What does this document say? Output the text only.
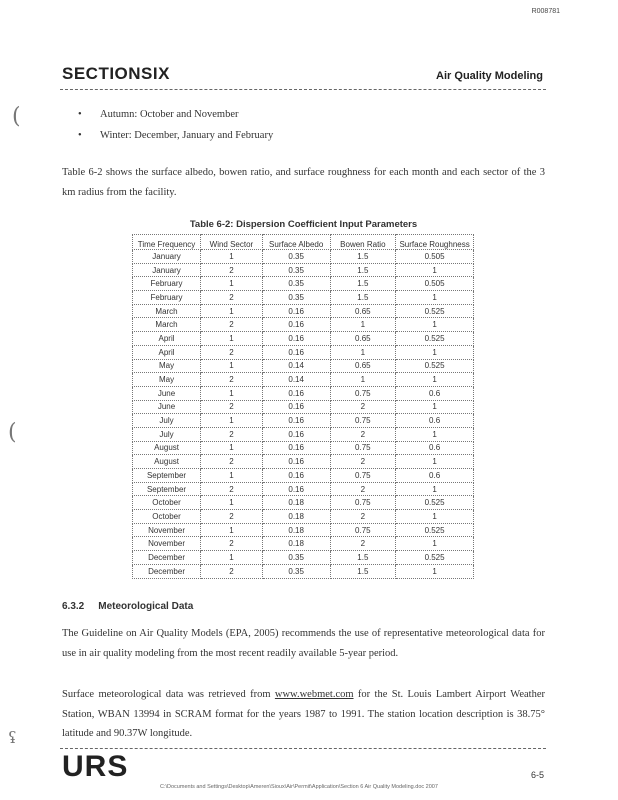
R008781
SECTIONSIX	Air Quality Modeling
(
(
ʢ
• Autumn: October and November
• Winter: December, January and February
Table 6-2 shows the surface albedo, bowen ratio, and surface roughness for each month and each sector of the 3 km radius from the facility.
Table 6-2: Dispersion Coefficient Input Parameters
Time Frequency	Wind Sector	Surface Albedo	Bowen Ratio	Surface Roughness
January	1	0.35	1.5	0.505
January	2	0.35	1.5	1
February	1	0.35	1.5	0.505
February	2	0.35	1.5	1
March	1	0.16	0.65	0.525
March	2	0.16	1	1
April	1	0.16	0.65	0.525
April	2	0.16	1	1
May	1	0.14	0.65	0.525
May	2	0.14	1	1
June	1	0.16	0.75	0.6
June	2	0.16	2	1
July	1	0.16	0.75	0.6
July	2	0.16	2	1
August	1	0.16	0.75	0.6
August	2	0.16	2	1
September	1	0.16	0.75	0.6
September	2	0.16	2	1
October	1	0.18	0.75	0.525
October	2	0.18	2	1
November	1	0.18	0.75	0.525
November	2	0.18	2	1
December	1	0.35	1.5	0.525
December	2	0.35	1.5	1
6.3.2 Meteorological Data
The Guideline on Air Quality Models (EPA, 2005) recommends the use of representative meteorological data for use in air quality modeling from the most recent readily available 5-year period.
Surface meteorological data was retrieved from www.webmet.com for the St. Louis Lambert Airport Weather Station, WBAN 13994 in SCRAM format for the years 1987 to 1991. The station location description is 38.75° latitude and 90.37W longitude.
URS	6-5
C:\Documents and Settings\Desktop\Ameren\Sioux\Air\Permit\Application\Section 6 Air Quality Modeling.doc 2007
